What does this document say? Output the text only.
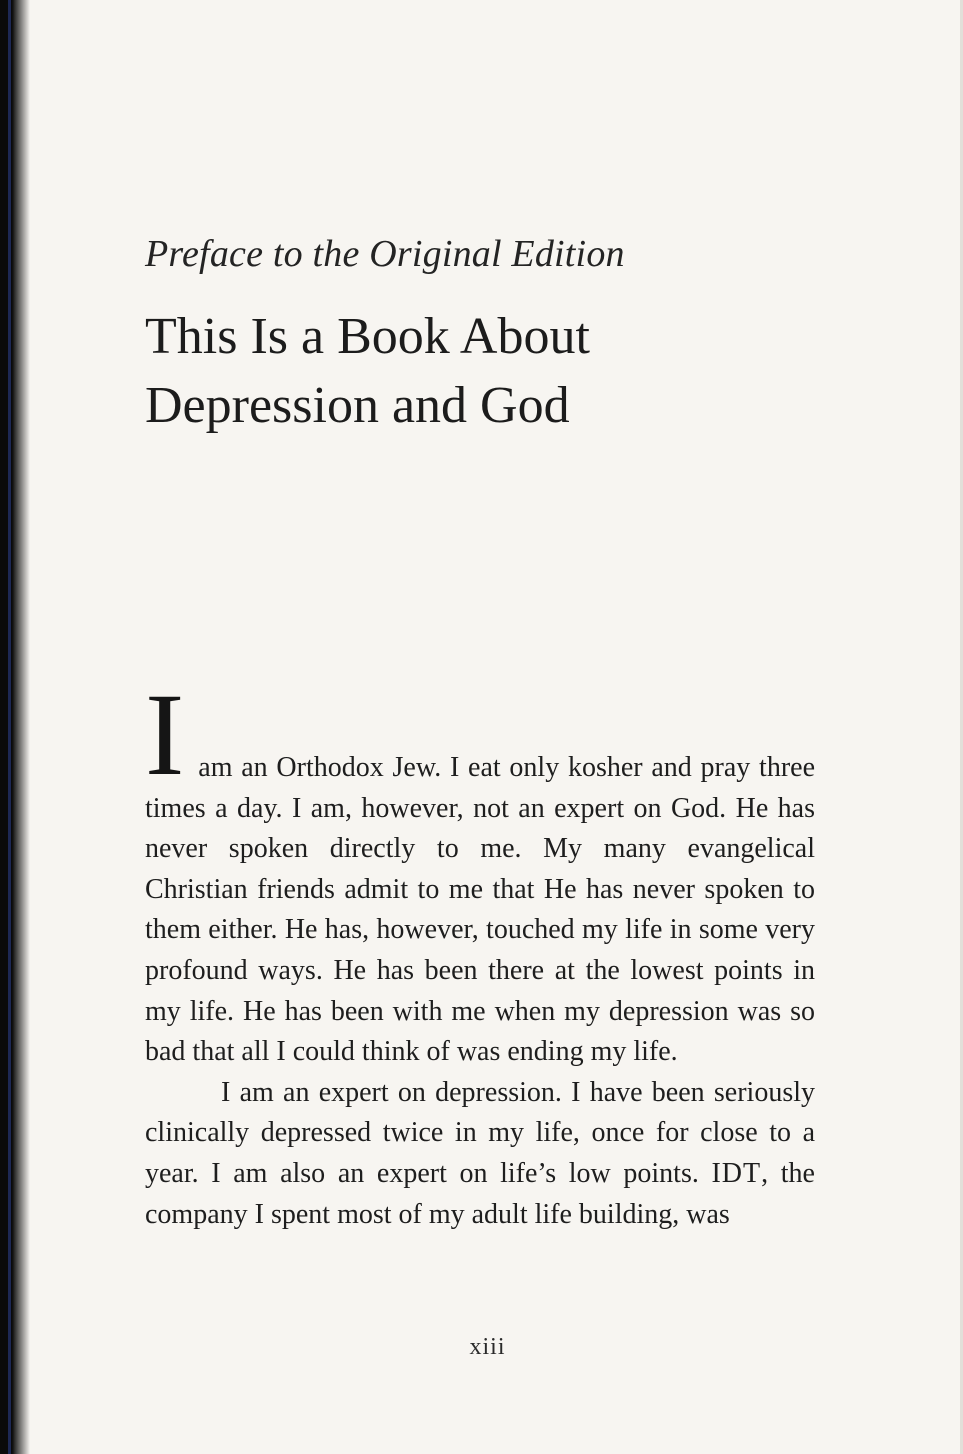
Preface to the Original Edition
This Is a Book About
Depression and God

I am an Orthodox Jew. I eat only kosher and pray three times a day. I am, however, not an expert on God. He has never spoken directly to me. My many evangelical Christian friends admit to me that He has never spoken to them either. He has, however, touched my life in some very profound ways. He has been there at the lowest points in my life. He has been with me when my depression was so bad that all I could think of was ending my life.

I am an expert on depression. I have been seriously clinically depressed twice in my life, once for close to a year. I am also an expert on life’s low points. IDT, the company I spent most of my adult life building, was

xiii
